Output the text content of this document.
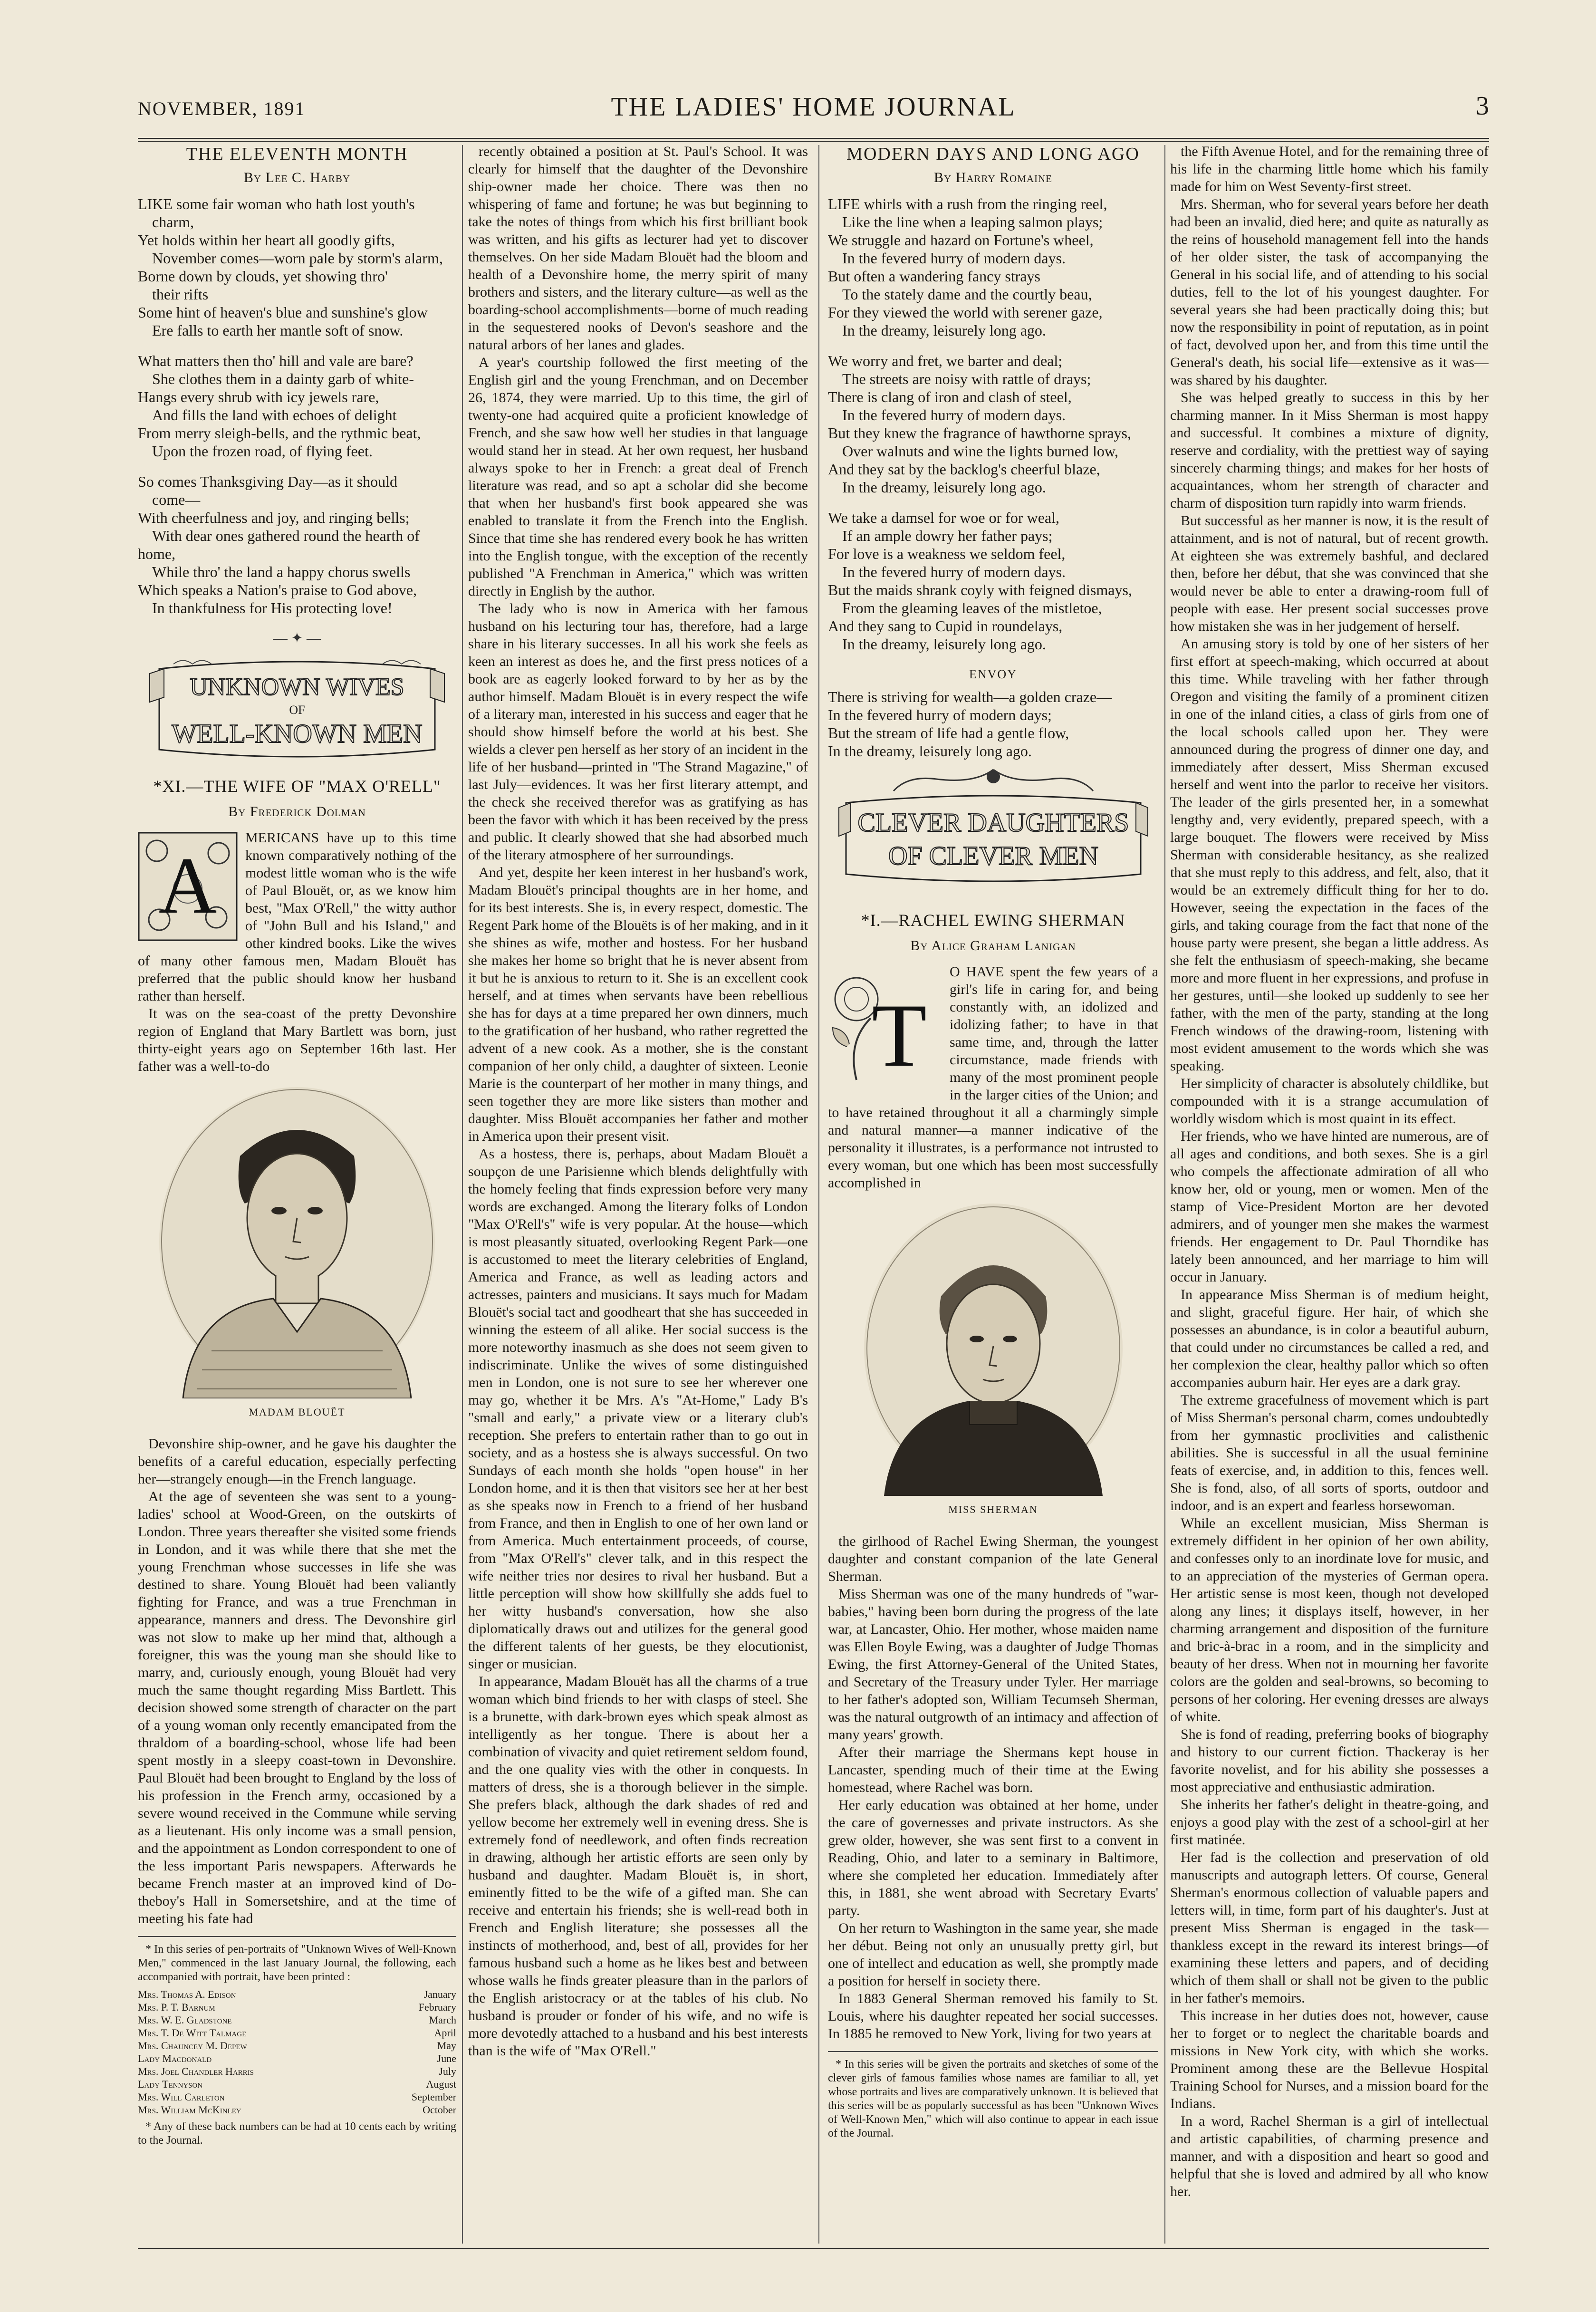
NOVEMBER, 1891	THE LADIES' HOME JOURNAL	3
THE ELEVENTH MONTH
By Lee C. Harby
LIKE some fair woman who hath lost youth's
charm,
Yet holds within her heart all goodly gifts,
November comes—worn pale by storm's alarm,
Borne down by clouds, yet showing thro'
their rifts
Some hint of heaven's blue and sunshine's glow
Ere falls to earth her mantle soft of snow.
What matters then tho' hill and vale are bare?
She clothes them in a dainty garb of white-
Hangs every shrub with icy jewels rare,
And fills the land with echoes of delight
From merry sleigh-bells, and the rythmic beat,
Upon the frozen road, of flying feet.
So comes Thanksgiving Day—as it should
come—
With cheerfulness and joy, and ringing bells;
With dear ones gathered round the hearth of
home,
While thro' the land a happy chorus swells
Which speaks a Nation's praise to God above,
In thankfulness for His protecting love!
— ✦ —
UNKNOWN WIVES
OF
WELL-KNOWN MEN
*XI.—THE WIFE OF "MAX O'RELL"
By Frederick Dolman
A

MERICANS have up to this time known comparatively nothing of the modest little woman who is the wife of Paul Blouët, or, as we know him best, "Max O'Rell," the witty author of "John Bull and his Island," and other kindred books. Like the wives of many other famous men, Madam Blouët has preferred that the public should know her husband rather than herself.

It was on the sea-coast of the pretty Devonshire region of England that Mary Bartlett was born, just thirty-eight years ago on September 16th last. Her father was a well-to-do

MADAM BLOUËT

Devonshire ship-owner, and he gave his daughter the benefits of a careful education, especially perfecting her—strangely enough—in the French language.

At the age of seventeen she was sent to a young-ladies' school at Wood-Green, on the outskirts of London. Three years thereafter she visited some friends in London, and it was while there that she met the young Frenchman whose successes in life she was destined to share. Young Blouët had been valiantly fighting for France, and was a true Frenchman in appearance, manners and dress. The Devonshire girl was not slow to make up her mind that, although a foreigner, this was the young man she should like to marry, and, curiously enough, young Blouët had very much the same thought regarding Miss Bartlett. This decision showed some strength of character on the part of a young woman only recently emancipated from the thraldom of a boarding-school, whose life had been spent mostly in a sleepy coast-town in Devonshire. Paul Blouët had been brought to England by the loss of his profession in the French army, occasioned by a severe wound received in the Commune while serving as a lieutenant. His only income was a small pension, and the appointment as London correspondent to one of the less important Paris newspapers. Afterwards he became French master at an improved kind of Do-theboy's Hall in Somersetshire, and at the time of meeting his fate had

* In this series of pen-portraits of "Unknown Wives of Well-Known Men," commenced in the last January Journal, the following, each accompanied with portrait, have been printed :

Mrs. Thomas A. Edison	January
Mrs. P. T. Barnum	February
Mrs. W. E. Gladstone	March
Mrs. T. De Witt Talmage	April
Mrs. Chauncey M. Depew	May
Lady Macdonald	June
Mrs. Joel Chandler Harris	July
Lady Tennyson	August
Mrs. Will Carleton	September
Mrs. William McKinley	October

* Any of these back numbers can be had at 10 cents each by writing to the Journal.

recently obtained a position at St. Paul's School. It was clearly for himself that the daughter of the Devonshire ship-owner made her choice. There was then no whispering of fame and fortune; he was but beginning to take the notes of things from which his first brilliant book was written, and his gifts as lecturer had yet to discover themselves. On her side Madam Blouët had the bloom and health of a Devonshire home, the merry spirit of many brothers and sisters, and the literary culture—as well as the boarding-school accomplishments—borne of much reading in the sequestered nooks of Devon's seashore and the natural arbors of her lanes and glades.

A year's courtship followed the first meeting of the English girl and the young Frenchman, and on December 26, 1874, they were married. Up to this time, the girl of twenty-one had acquired quite a proficient knowledge of French, and she saw how well her studies in that language would stand her in stead. At her own request, her husband always spoke to her in French: a great deal of French literature was read, and so apt a scholar did she become that when her husband's first book appeared she was enabled to translate it from the French into the English. Since that time she has rendered every book he has written into the English tongue, with the exception of the recently published "A Frenchman in America," which was written directly in English by the author.

The lady who is now in America with her famous husband on his lecturing tour has, therefore, had a large share in his literary successes. In all his work she feels as keen an interest as does he, and the first press notices of a book are as eagerly looked forward to by her as by the author himself. Madam Blouët is in every respect the wife of a literary man, interested in his success and eager that he should show himself before the world at his best. She wields a clever pen herself as her story of an incident in the life of her husband—printed in "The Strand Magazine," of last July—evidences. It was her first literary attempt, and the check she received therefor was as gratifying as has been the favor with which it has been received by the press and public. It clearly showed that she had absorbed much of the literary atmosphere of her surroundings.

And yet, despite her keen interest in her husband's work, Madam Blouët's principal thoughts are in her home, and for its best interests. She is, in every respect, domestic. The Regent Park home of the Blouëts is of her making, and in it she shines as wife, mother and hostess. For her husband she makes her home so bright that he is never absent from it but he is anxious to return to it. She is an excellent cook herself, and at times when servants have been rebellious she has for days at a time prepared her own dinners, much to the gratification of her husband, who rather regretted the advent of a new cook. As a mother, she is the constant companion of her only child, a daughter of sixteen. Leonie Marie is the counterpart of her mother in many things, and seen together they are more like sisters than mother and daughter. Miss Blouët accompanies her father and mother in America upon their present visit.

As a hostess, there is, perhaps, about Madam Blouët a soupçon de une Parisienne which blends delightfully with the homely feeling that finds expression before very many words are exchanged. Among the literary folks of London "Max O'Rell's" wife is very popular. At the house—which is most pleasantly situated, overlooking Regent Park—one is accustomed to meet the literary celebrities of England, America and France, as well as leading actors and actresses, painters and musicians. It says much for Madam Blouët's social tact and goodheart that she has succeeded in winning the esteem of all alike. Her social success is the more noteworthy inasmuch as she does not seem given to indiscriminate. Unlike the wives of some distinguished men in London, one is not sure to see her wherever one may go, whether it be Mrs. A's "At-Home," Lady B's "small and early," a private view or a literary club's reception. She prefers to entertain rather than to go out in society, and as a hostess she is always successful. On two Sundays of each month she holds "open house" in her London home, and it is then that visitors see her at her best as she speaks now in French to a friend of her husband from France, and then in English to one of her own land or from America. Much entertainment proceeds, of course, from "Max O'Rell's" clever talk, and in this respect the wife neither tries nor desires to rival her husband. But a little perception will show how skillfully she adds fuel to her witty husband's conversation, how she also diplomatically draws out and utilizes for the general good the different talents of her guests, be they elocutionist, singer or musician.

In appearance, Madam Blouët has all the charms of a true woman which bind friends to her with clasps of steel. She is a brunette, with dark-brown eyes which speak almost as intelligently as her tongue. There is about her a combination of vivacity and quiet retirement seldom found, and the one quality vies with the other in conquests. In matters of dress, she is a thorough believer in the simple. She prefers black, although the dark shades of red and yellow become her extremely well in evening dress. She is extremely fond of needlework, and often finds recreation in drawing, although her artistic efforts are seen only by husband and daughter. Madam Blouët is, in short, eminently fitted to be the wife of a gifted man. She can receive and entertain his friends; she is well-read both in French and English literature; she possesses all the instincts of motherhood, and, best of all, provides for her famous husband such a home as he likes best and between whose walls he finds greater pleasure than in the parlors of the English aristocracy or at the tables of his club. No husband is prouder or fonder of his wife, and no wife is more devotedly attached to a husband and his best interests than is the wife of "Max O'Rell."

MODERN DAYS AND LONG AGO
By Harry Romaine
LIFE whirls with a rush from the ringing reel,
Like the line when a leaping salmon plays;
We struggle and hazard on Fortune's wheel,
In the fevered hurry of modern days.
But often a wandering fancy strays
To the stately dame and the courtly beau,
For they viewed the world with serener gaze,
In the dreamy, leisurely long ago.
We worry and fret, we barter and deal;
The streets are noisy with rattle of drays;
There is clang of iron and clash of steel,
In the fevered hurry of modern days.
But they knew the fragrance of hawthorne sprays,
Over walnuts and wine the lights burned low,
And they sat by the backlog's cheerful blaze,
In the dreamy, leisurely long ago.
We take a damsel for woe or for weal,
If an ample dowry her father pays;
For love is a weakness we seldom feel,
In the fevered hurry of modern days.
But the maids shrank coyly with feigned dismays,
From the gleaming leaves of the mistletoe,
And they sang to Cupid in roundelays,
In the dreamy, leisurely long ago.
ENVOY
There is striving for wealth—a golden craze—
In the fevered hurry of modern days;
But the stream of life had a gentle flow,
In the dreamy, leisurely long ago.
CLEVER DAUGHTERS
OF CLEVER MEN
*I.—RACHEL EWING SHERMAN
By Alice Graham Lanigan
T

O HAVE spent the few years of a girl's life in caring for, and being constantly with, an idolized and idolizing father; to have in that same time, and, through the latter circumstance, made friends with many of the most prominent people in the larger cities of the Union; and to have retained throughout it all a charmingly simple and natural manner—a manner indicative of the personality it illustrates, is a performance not intrusted to every woman, but one which has been most successfully accomplished in

MISS SHERMAN

the girlhood of Rachel Ewing Sherman, the youngest daughter and constant companion of the late General Sherman.

Miss Sherman was one of the many hundreds of "war-babies," having been born during the progress of the late war, at Lancaster, Ohio. Her mother, whose maiden name was Ellen Boyle Ewing, was a daughter of Judge Thomas Ewing, the first Attorney-General of the United States, and Secretary of the Treasury under Tyler. Her marriage to her father's adopted son, William Tecumseh Sherman, was the natural outgrowth of an intimacy and affection of many years' growth.

After their marriage the Shermans kept house in Lancaster, spending much of their time at the Ewing homestead, where Rachel was born.

Her early education was obtained at her home, under the care of governesses and private instructors. As she grew older, however, she was sent first to a convent in Reading, Ohio, and later to a seminary in Baltimore, where she completed her education. Immediately after this, in 1881, she went abroad with Secretary Evarts' party.

On her return to Washington in the same year, she made her début. Being not only an unusually pretty girl, but one of intellect and education as well, she promptly made a position for herself in society there.

In 1883 General Sherman removed his family to St. Louis, where his daughter repeated her social successes. In 1885 he removed to New York, living for two years at

* In this series will be given the portraits and sketches of some of the clever girls of famous families whose names are familiar to all, yet whose portraits and lives are comparatively unknown. It is believed that this series will be as popularly successful as has been "Unknown Wives of Well-Known Men," which will also continue to appear in each issue of the Journal.

the Fifth Avenue Hotel, and for the remaining three of his life in the charming little home which his family made for him on West Seventy-first street.

Mrs. Sherman, who for several years before her death had been an invalid, died here; and quite as naturally as the reins of household management fell into the hands of her older sister, the task of accompanying the General in his social life, and of attending to his social duties, fell to the lot of his youngest daughter. For several years she had been practically doing this; but now the responsibility in point of reputation, as in point of fact, devolved upon her, and from this time until the General's death, his social life—extensive as it was—was shared by his daughter.

She was helped greatly to success in this by her charming manner. In it Miss Sherman is most happy and successful. It combines a mixture of dignity, reserve and cordiality, with the prettiest way of saying sincerely charming things; and makes for her hosts of acquaintances, whom her strength of character and charm of disposition turn rapidly into warm friends.

But successful as her manner is now, it is the result of attainment, and is not of natural, but of recent growth. At eighteen she was extremely bashful, and declared then, before her début, that she was convinced that she would never be able to enter a drawing-room full of people with ease. Her present social successes prove how mistaken she was in her judgement of herself.

An amusing story is told by one of her sisters of her first effort at speech-making, which occurred at about this time. While traveling with her father through Oregon and visiting the family of a prominent citizen in one of the inland cities, a class of girls from one of the local schools called upon her. They were announced during the progress of dinner one day, and immediately after dessert, Miss Sherman excused herself and went into the parlor to receive her visitors. The leader of the girls presented her, in a somewhat lengthy and, very evidently, prepared speech, with a large bouquet. The flowers were received by Miss Sherman with considerable hesitancy, as she realized that she must reply to this address, and felt, also, that it would be an extremely difficult thing for her to do. However, seeing the expectation in the faces of the girls, and taking courage from the fact that none of the house party were present, she began a little address. As she felt the enthusiasm of speech-making, she became more and more fluent in her expressions, and profuse in her gestures, until—she looked up suddenly to see her father, with the men of the party, standing at the long French windows of the drawing-room, listening with most evident amusement to the words which she was speaking.

Her simplicity of character is absolutely childlike, but compounded with it is a strange accumulation of worldly wisdom which is most quaint in its effect.

Her friends, who we have hinted are numerous, are of all ages and conditions, and both sexes. She is a girl who compels the affectionate admiration of all who know her, old or young, men or women. Men of the stamp of Vice-President Morton are her devoted admirers, and of younger men she makes the warmest friends. Her engagement to Dr. Paul Thorndike has lately been announced, and her marriage to him will occur in January.

In appearance Miss Sherman is of medium height, and slight, graceful figure. Her hair, of which she possesses an abundance, is in color a beautiful auburn, that could under no circumstances be called a red, and her complexion the clear, healthy pallor which so often accompanies auburn hair. Her eyes are a dark gray.

The extreme gracefulness of movement which is part of Miss Sherman's personal charm, comes undoubtedly from her gymnastic proclivities and calisthenic abilities. She is successful in all the usual feminine feats of exercise, and, in addition to this, fences well. She is fond, also, of all sorts of sports, outdoor and indoor, and is an expert and fearless horsewoman.

While an excellent musician, Miss Sherman is extremely diffident in her opinion of her own ability, and confesses only to an inordinate love for music, and to an appreciation of the mysteries of German opera. Her artistic sense is most keen, though not developed along any lines; it displays itself, however, in her charming arrangement and disposition of the furniture and bric-à-brac in a room, and in the simplicity and beauty of her dress. When not in mourning her favorite colors are the golden and seal-browns, so becoming to persons of her coloring. Her evening dresses are always of white.

She is fond of reading, preferring books of biography and history to our current fiction. Thackeray is her favorite novelist, and for his ability she possesses a most appreciative and enthusiastic admiration.

She inherits her father's delight in theatre-going, and enjoys a good play with the zest of a school-girl at her first matinée.

Her fad is the collection and preservation of old manuscripts and autograph letters. Of course, General Sherman's enormous collection of valuable papers and letters will, in time, form part of his daughter's. Just at present Miss Sherman is engaged in the task—thankless except in the reward its interest brings—of examining these letters and papers, and of deciding which of them shall or shall not be given to the public in her father's memoirs.

This increase in her duties does not, however, cause her to forget or to neglect the charitable boards and missions in New York city, with which she works. Prominent among these are the Bellevue Hospital Training School for Nurses, and a mission board for the Indians.

In a word, Rachel Sherman is a girl of intellectual and artistic capabilities, of charming presence and manner, and with a disposition and heart so good and helpful that she is loved and admired by all who know her.
